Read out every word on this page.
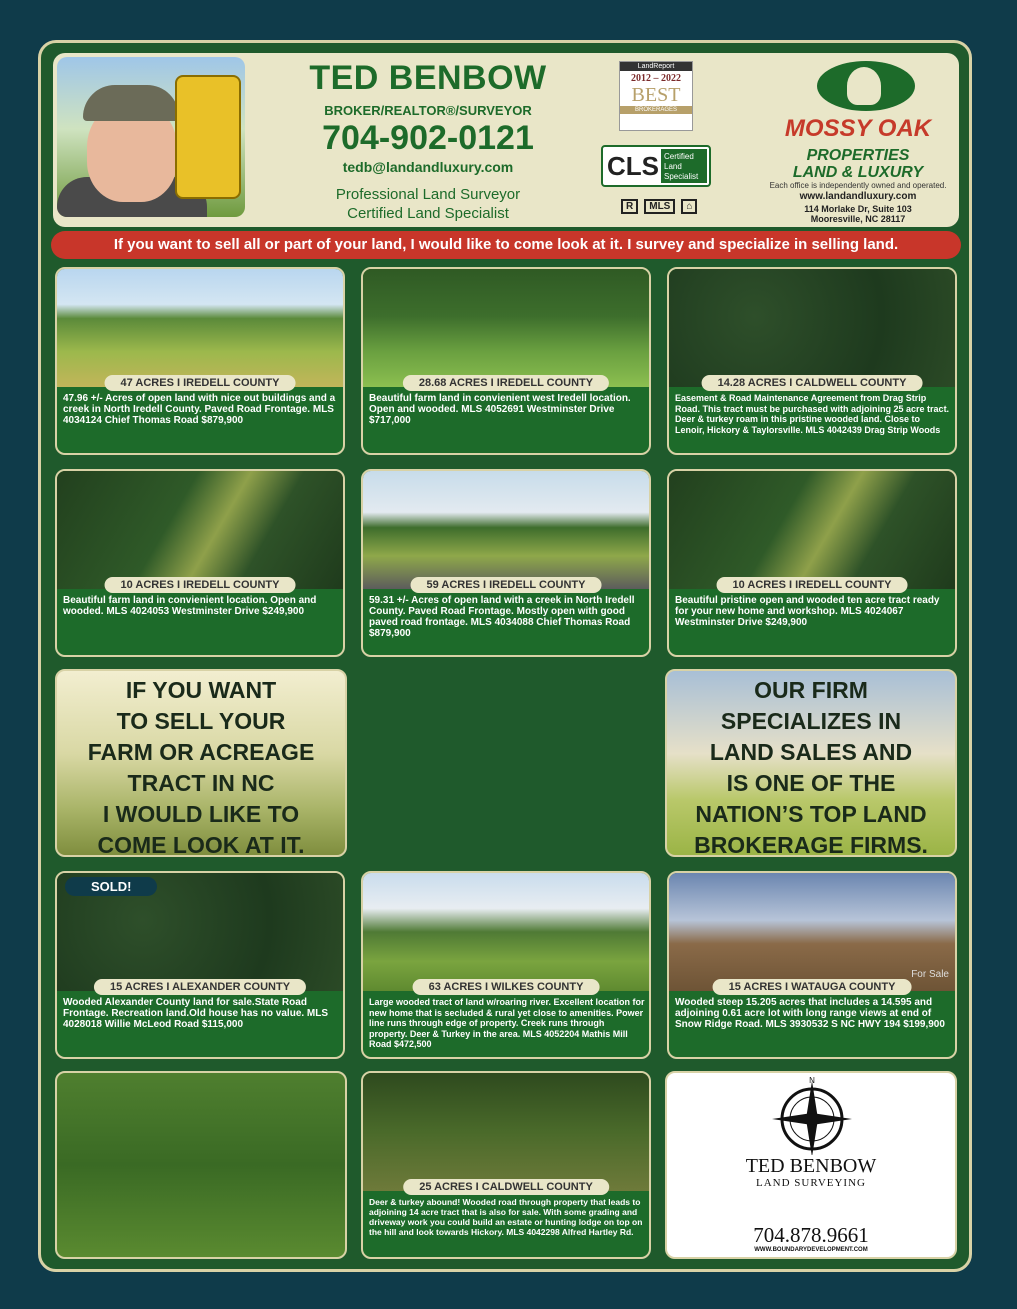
TED BENBOW
BROKER/REALTOR®/SURVEYOR
704-902-0121
tedb@landandluxury.com
Professional Land Surveyor
Certified Land Specialist
LandReport
2012 – 2022
BEST
BROKERAGES
CLS Certified Land Specialist
R MLS ⌂
MOSSY OAK
PROPERTIES
LAND & LUXURY
Each office is independently owned and operated.
www.landandluxury.com
114 Morlake Dr, Suite 103
Mooresville, NC 28117
If you want to sell all or part of your land, I would like to come look at it. I survey and specialize in selling land.
47 ACRES I IREDELL COUNTY
47.96 +/- Acres of open land with nice out buildings and a creek in North Iredell County. Paved Road Frontage. MLS 4034124 Chief Thomas Road $879,900
28.68 ACRES I IREDELL COUNTY
Beautiful farm land in convienient west Iredell location. Open and wooded. MLS 4052691 Westminster Drive $717,000
14.28 ACRES I CALDWELL COUNTY
Easement & Road Maintenance Agreement from Drag Strip Road. This tract must be purchased with adjoining 25 acre tract. Deer & turkey roam in this pristine wooded land. Close to Lenoir, Hickory & Taylorsville. MLS 4042439 Drag Strip Woods
10 ACRES I IREDELL COUNTY
Beautiful farm land in convienient location. Open and wooded. MLS 4024053 Westminster Drive $249,900
59 ACRES I IREDELL COUNTY
59.31 +/- Acres of open land with a creek in North Iredell County. Paved Road Frontage. Mostly open with good paved road frontage. MLS 4034088 Chief Thomas Road $879,900
10 ACRES I IREDELL COUNTY
Beautiful pristine open and wooded ten acre tract ready for your new home and workshop. MLS 4024067 Westminster Drive $249,900
IF YOU WANT
TO SELL YOUR
FARM OR ACREAGE
TRACT IN NC
I WOULD LIKE TO
COME LOOK AT IT.
OUR FIRM
SPECIALIZES IN
LAND SALES AND
IS ONE OF THE
NATION’S TOP LAND
BROKERAGE FIRMS.
SOLD!
15 ACRES I ALEXANDER COUNTY
Wooded Alexander County land for sale.State Road Frontage. Recreation land.Old house has no value. MLS 4028018 Willie McLeod Road $115,000
63 ACRES I WILKES COUNTY
Large wooded tract of land w/roaring river. Excellent location for new home that is secluded & rural yet close to amenities. Power line runs through edge of property. Creek runs through property. Deer & Turkey in the area. MLS 4052204 Mathis Mill Road $472,500
For Sale
15 ACRES I WATAUGA COUNTY
Wooded steep 15.205 acres that includes a 14.595 and adjoining 0.61 acre lot with long range views at end of Snow Ridge Road. MLS 3930532 S NC HWY 194 $199,900
25 ACRES I CALDWELL COUNTY
Deer & turkey abound! Wooded road through property that leads to adjoining 14 acre tract that is also for sale. With some grading and driveway work you could build an estate or hunting lodge on top on the hill and look towards Hickory. MLS 4042298 Alfred Hartley Rd.
N
TED BENBOW
LAND SURVEYING
704.878.9661
WWW.BOUNDARYDEVELOPMENT.COM
